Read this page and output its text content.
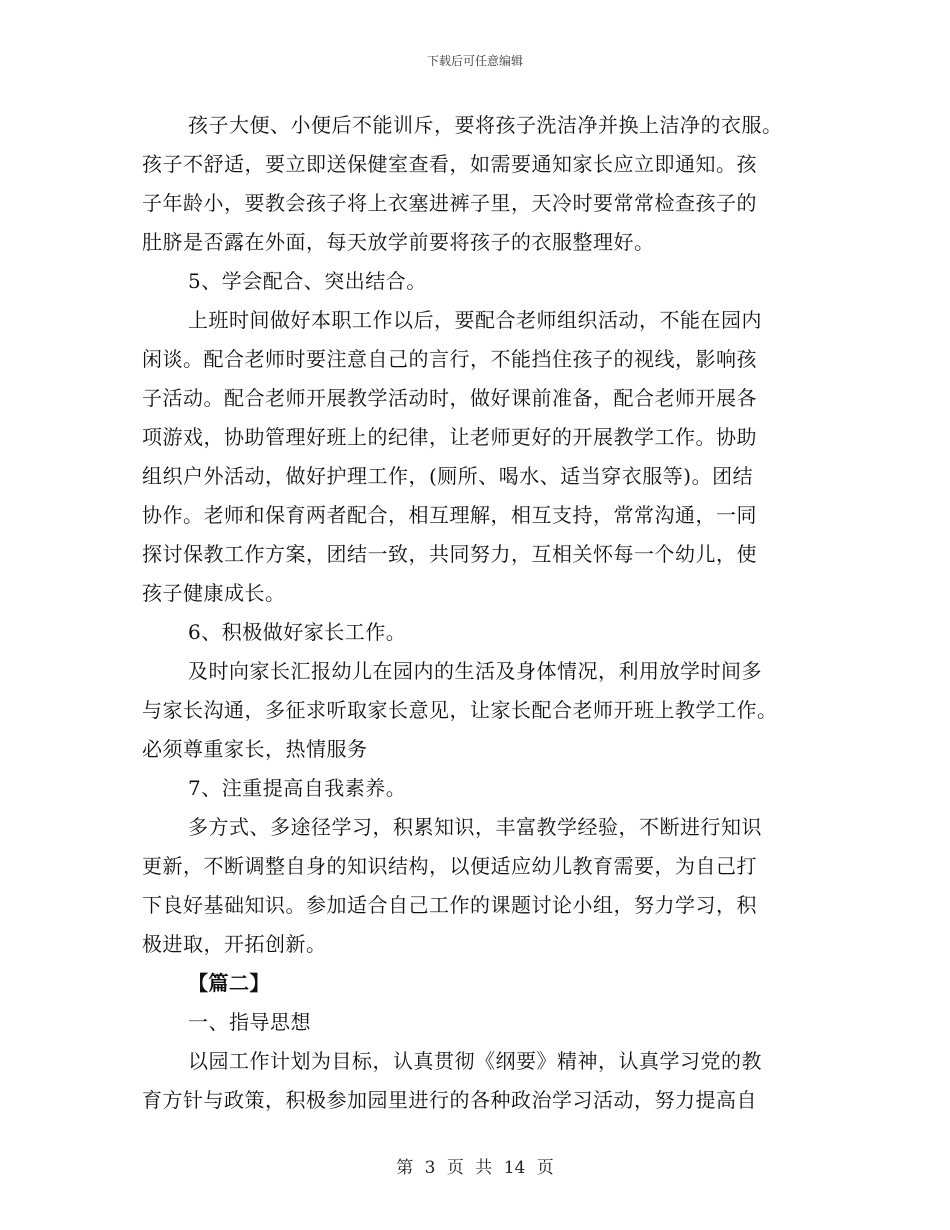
下载后可任意编辑
孩子大便、小便后不能训斥，要将孩子洗洁净并换上洁净的衣服。
孩子不舒适，要立即送保健室查看，如需要通知家长应立即通知。孩
子年龄小，要教会孩子将上衣塞进裤子里，天冷时要常常检查孩子的
肚脐是否露在外面，每天放学前要将孩子的衣服整理好。
5、学会配合、突出结合。
上班时间做好本职工作以后，要配合老师组织活动，不能在园内
闲谈。配合老师时要注意自己的言行，不能挡住孩子的视线，影响孩
子活动。配合老师开展教学活动时，做好课前准备，配合老师开展各
项游戏，协助管理好班上的纪律，让老师更好的开展教学工作。协助
组织户外活动，做好护理工作，(厕所、喝水、适当穿衣服等)。团结
协作。老师和保育两者配合，相互理解，相互支持，常常沟通，一同
探讨保教工作方案，团结一致，共同努力，互相关怀每一个幼儿，使
孩子健康成长。
6、积极做好家长工作。
及时向家长汇报幼儿在园内的生活及身体情况，利用放学时间多
与家长沟通，多征求听取家长意见，让家长配合老师开班上教学工作。
必须尊重家长，热情服务
7、注重提高自我素养。
多方式、多途径学习，积累知识，丰富教学经验，不断进行知识
更新，不断调整自身的知识结构，以便适应幼儿教育需要，为自己打
下良好基础知识。参加适合自己工作的课题讨论小组，努力学习，积
极进取，开拓创新。
【篇二】
一、指导思想
以园工作计划为目标，认真贯彻《纲要》精神，认真学习党的教
育方针与政策，积极参加园里进行的各种政治学习活动，努力提高自
第 3 页 共 14 页
